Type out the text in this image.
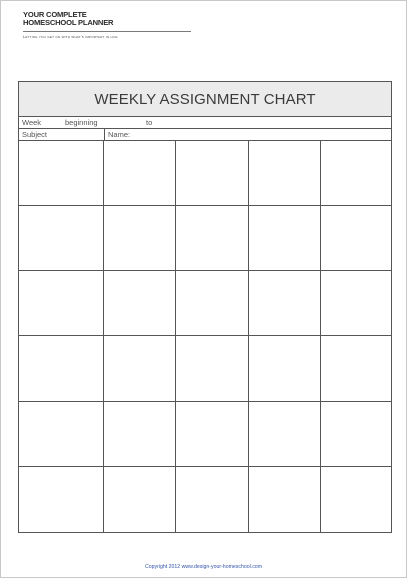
YOUR COMPLETE
HOMESCHOOL PLANNER
Letting you get on with what's important in life
WEEKLY ASSIGNMENT CHART
Week	beginning	to
Subject	Name:
Copyright 2012 www.design-your-homeschool.com
